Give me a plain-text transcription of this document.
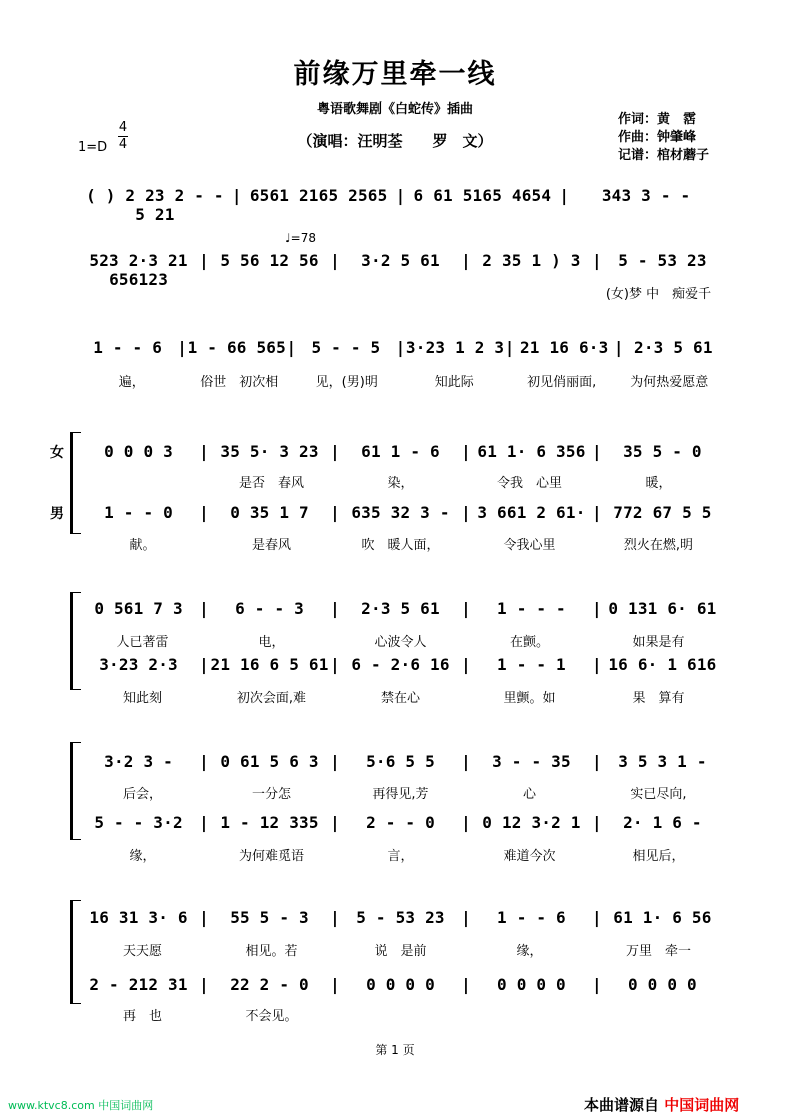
前缘万里牵一线
粤语歌舞剧《白蛇传》插曲
（演唱：汪明荃　　罗　文）
作词：黄　霑
作曲：钟肇峰
记谱：棺材蘑子
1=D
4
4
♩=78
( ) 2 23 2 - - 5 21
| 6561 2165 2565 | 6 61 5165 4654 |	343 3 - -
523 2·3 21 656123
| 5 56 12 56 |	3·2 5 61	| 2 35 1 ) 3 |	5 - 53 23
(女)梦 中　痴爱千
1 - - 6 | 1 - 66 565 | 5 - - 5 | 3·23 1 2 3 | 21 16 6·3 | 2·3 5 61
遍，	俗世　初次相	见，(男)明	知此际	初见俏丽面,	为何热爱愿意
0 0 0 3	| 35 5· 3 23 |	61 1 - 6	| 61 1· 6 356 |	35 5 - 0
是否　春风	染，	令我　心里	暖，
1 - - 0	|	0 35 1 7	| 635 32 3 - | 3 661 2 61· | 772 67 5 5
献。	是春风	吹　暖人面，	令我心里	烈火在燃,明
0 561 7 3	|	6 - - 3	|	2·3 5 61	|	1 - - -	| 0 131 6· 61
人已著雷	电，	心波令人	在颤。	如果是有
3·23 2·3	| 21 16 6 5 61 | 6 - 2·6 16 |	1 - - 1	| 16 6· 1 616
知此刻	初次会面,难	禁在心	里颤。如	果　算有
3·2 3 -	| 0 61 5 6 3 |	5·6 5 5	|	3 - - 35	|	3 5 3 1 -
后会，	一分怎	再得见,芳	心	实已尽向,
5 - - 3·2	| 1 - 12 335 |	2 - - 0	| 0 12 3·2 1 |	2· 1 6 -
缘，	为何难觅语	言，	难道今次	相见后，
16 31 3· 6 |	55 5 - 3	|	5 - 53 23	|	1 - - 6	| 61 1· 6 56
天天愿	相见。若	说　是前	缘，	万里　牵一
2 - 212 31 |	22 2 - 0	|	0 0 0 0	|	0 0 0 0	|	0 0 0 0
再　也	不会见。
女
男
第 1 页
www.ktvc8.com 中国词曲网	本曲谱源自 中国词曲网
